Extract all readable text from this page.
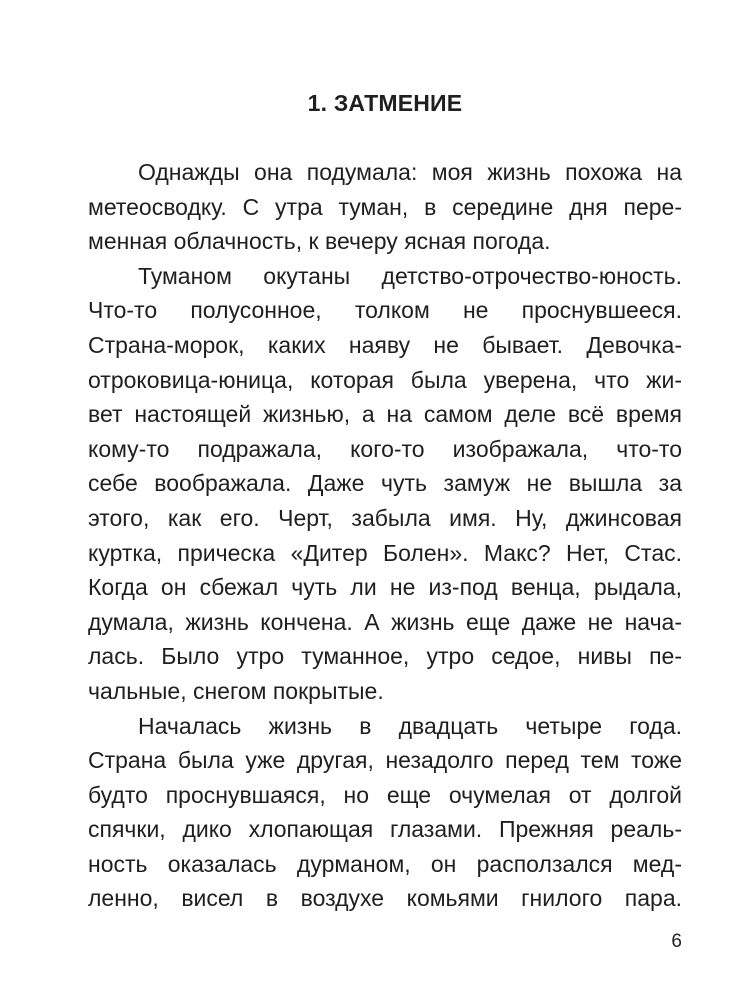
1. ЗАТМЕНИЕ

Однажды она подумала: моя жизнь похожа на
метеосводку. С утра туман, в середине дня пере-
менная облачность, к вечеру ясная погода.

Туманом окутаны детство-отрочество-юность.
Что-то полусонное, толком не проснувшееся.
Страна-морок, каких наяву не бывает. Девочка-
отроковица-юница, которая была уверена, что жи-
вет настоящей жизнью, а на самом деле всё время
кому-то подражала, кого-то изображала, что-то
себе воображала. Даже чуть замуж не вышла за
этого, как его. Черт, забыла имя. Ну, джинсовая
куртка, прическа «Дитер Болен». Макс? Нет, Стас.
Когда он сбежал чуть ли не из-под венца, рыдала,
думала, жизнь кончена. А жизнь еще даже не нача-
лась. Было утро туманное, утро седое, нивы пе-
чальные, снегом покрытые.

Началась жизнь в двадцать четыре года.
Страна была уже другая, незадолго перед тем тоже
будто проснувшаяся, но еще очумелая от долгой
спячки, дико хлопающая глазами. Прежняя реаль-
ность оказалась дурманом, он расползался мед-
ленно, висел в воздухе комьями гнилого пара.

6
